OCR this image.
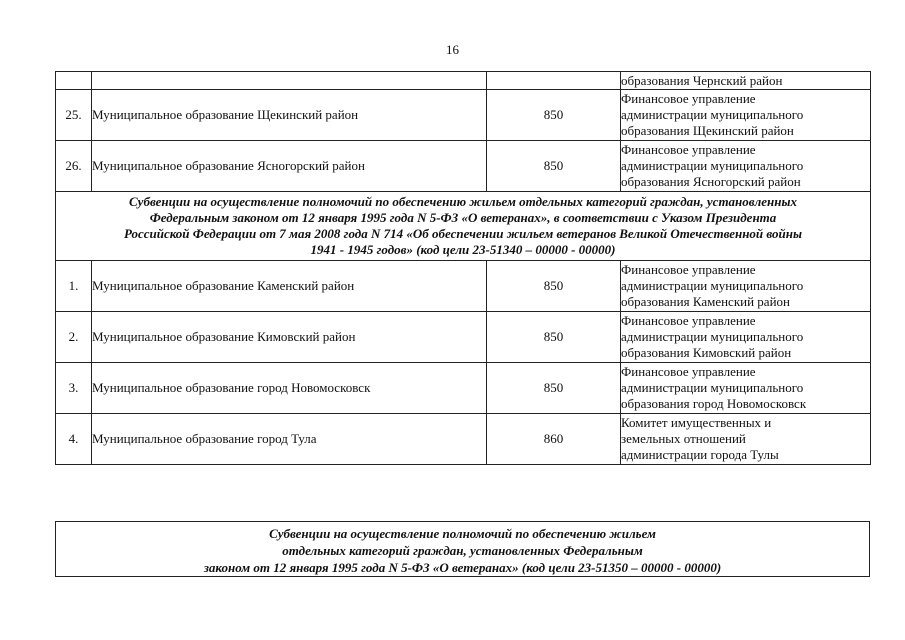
16
			образования Чернский район
25.	Муниципальное образование Щекинский район	850	Финансовое управление
администрации муниципального
образования Щекинский район

26.	Муниципальное образование Ясногорский район	850	Финансовое управление
администрации муниципального
образования Ясногорский район

Субвенции на осуществление полномочий по обеспечению жильем отдельных категорий граждан, установленных
Федеральным законом от 12 января 1995 года N 5-ФЗ «О ветеранах», в соответствии с Указом Президента
Российской Федерации от 7 мая 2008 года N 714 «Об обеспечении жильем ветеранов Великой Отечественной войны
1941 - 1945 годов» (код цели 23-51340 – 00000 - 00000)			

1.	Муниципальное образование Каменский район	850	Финансовое управление
администрации муниципального
образования Каменский район

2.	Муниципальное образование Кимовский район	850	Финансовое управление
администрации муниципального
образования Кимовский район

3.	Муниципальное образование город Новомосковск	850	Финансовое управление
администрации муниципального
образования город Новомосковск

4.	Муниципальное образование город Тула	860	Комитет имущественных и
земельных отношений
администрации города Тулы
Субвенции на осуществление полномочий по обеспечению жильем
отдельных категорий граждан, установленных Федеральным
законом от 12 января 1995 года N 5-ФЗ «О ветеранах» (код цели 23-51350 – 00000 - 00000)
